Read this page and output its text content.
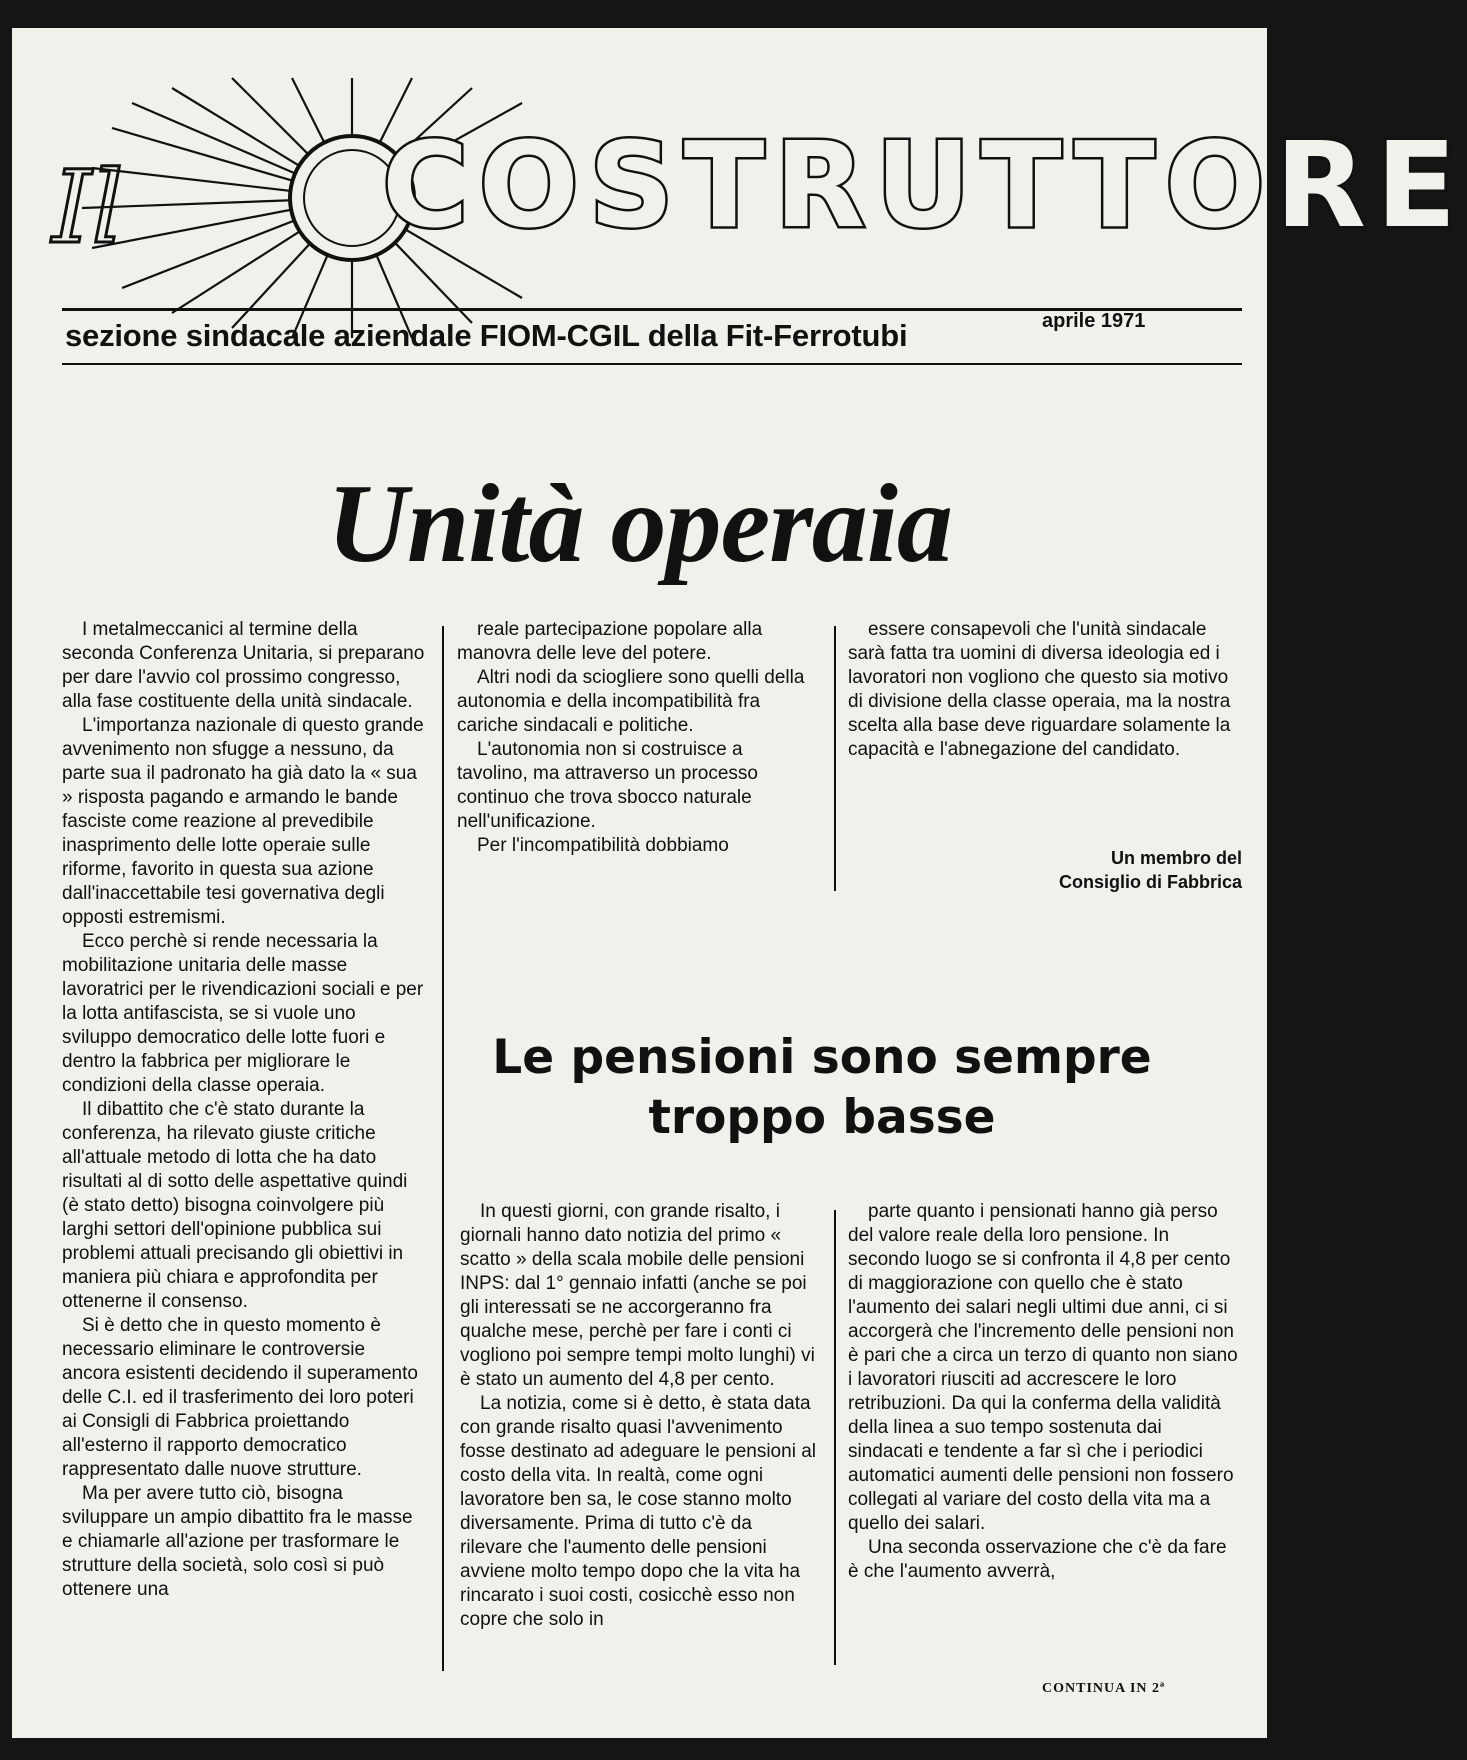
Il COSTRUTTORE
sezione sindacale aziendale FIOM-CGIL della Fit-Ferrotubi	aprile 1971
Unità operaia

I metalmeccanici al termine della seconda Conferenza Unitaria, si preparano per dare l'avvio col prossimo congresso, alla fase costituente della unità sindacale.

L'importanza nazionale di questo grande avvenimento non sfugge a nessuno, da parte sua il padronato ha già dato la « sua » risposta pagando e armando le bande fasciste come reazione al prevedibile inasprimento delle lotte operaie sulle riforme, favorito in questa sua azione dall'inaccettabile tesi governativa degli opposti estremismi.

Ecco perchè si rende necessaria la mobilitazione unitaria delle masse lavoratrici per le rivendicazioni sociali e per la lotta antifascista, se si vuole uno sviluppo democratico delle lotte fuori e dentro la fabbrica per migliorare le condizioni della classe operaia.

Il dibattito che c'è stato durante la conferenza, ha rilevato giuste critiche all'attuale metodo di lotta che ha dato risultati al di sotto delle aspettative quindi (è stato detto) bisogna coinvolgere più larghi settori dell'opinione pubblica sui problemi attuali precisando gli obiettivi in maniera più chiara e approfondita per ottenerne il consenso.

Si è detto che in questo momento è necessario eliminare le controversie ancora esistenti decidendo il superamento delle C.I. ed il trasferimento dei loro poteri ai Consigli di Fabbrica proiettando all'esterno il rapporto democratico rappresentato dalle nuove strutture.

Ma per avere tutto ciò, bisogna sviluppare un ampio dibattito fra le masse e chiamarle all'azione per trasformare le strutture della società, solo così si può ottenere una

reale partecipazione popolare alla manovra delle leve del potere.

Altri nodi da sciogliere sono quelli della autonomia e della incompatibilità fra cariche sindacali e politiche.

L'autonomia non si costruisce a tavolino, ma attraverso un processo continuo che trova sbocco naturale nell'unificazione.

Per l'incompatibilità dobbiamo

essere consapevoli che l'unità sindacale sarà fatta tra uomini di diversa ideologia ed i lavoratori non vogliono che questo sia motivo di divisione della classe operaia, ma la nostra scelta alla base deve riguardare solamente la capacità e l'abnegazione del candidato.

Un membro del
Consiglio di Fabbrica
Le pensioni sono sempre
troppo basse

In questi giorni, con grande risalto, i giornali hanno dato notizia del primo « scatto » della scala mobile delle pensioni INPS: dal 1° gennaio infatti (anche se poi gli interessati se ne accorgeranno fra qualche mese, perchè per fare i conti ci vogliono poi sempre tempi molto lunghi) vi è stato un aumento del 4,8 per cento.

La notizia, come si è detto, è stata data con grande risalto quasi l'avvenimento fosse destinato ad adeguare le pensioni al costo della vita. In realtà, come ogni lavoratore ben sa, le cose stanno molto diversamente. Prima di tutto c'è da rilevare che l'aumento delle pensioni avviene molto tempo dopo che la vita ha rincarato i suoi costi, cosicchè esso non copre che solo in

parte quanto i pensionati hanno già perso del valore reale della loro pensione. In secondo luogo se si confronta il 4,8 per cento di maggiorazione con quello che è stato l'aumento dei salari negli ultimi due anni, ci si accorgerà che l'incremento delle pensioni non è pari che a circa un terzo di quanto non siano i lavoratori riusciti ad accrescere le loro retribuzioni. Da qui la conferma della validità della linea a suo tempo sostenuta dai sindacati e tendente a far sì che i periodici automatici aumenti delle pensioni non fossero collegati al variare del costo della vita ma a quello dei salari.

Una seconda osservazione che c'è da fare è che l'aumento avverrà,

CONTINUA IN 2ª
